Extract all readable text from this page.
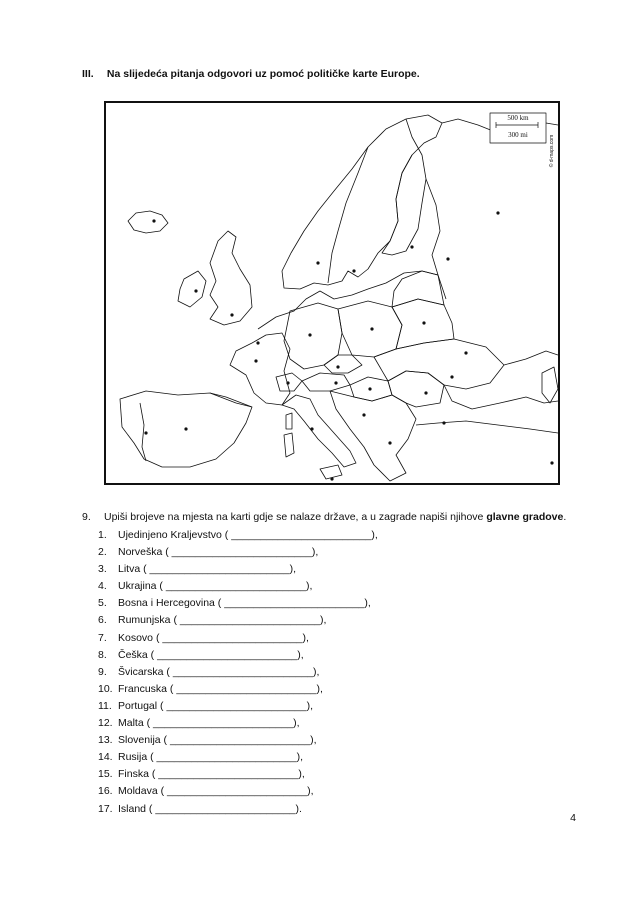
III. Na slijedeća pitanja odgovori uz pomoć političke karte Europe.
500 km
300 mi	© d-maps.com
9. Upiši brojeve na mjesta na karti gdje se nalaze države, a u zagrade napiši njihove glavne gradove.
1. Ujedinjeno Kraljevstvo ( ________________________),
2. Norveška ( ________________________),
3. Litva ( ________________________),
4. Ukrajina ( ________________________),
5. Bosna i Hercegovina ( ________________________),
6. Rumunjska ( ________________________),
7. Kosovo ( ________________________),
8. Češka ( ________________________),
9. Švicarska ( ________________________),
10. Francuska ( ________________________),
11. Portugal ( ________________________),
12. Malta ( ________________________),
13. Slovenija ( ________________________),
14. Rusija ( ________________________),
15. Finska ( ________________________),
16. Moldava ( ________________________),
17. Island ( ________________________).
4
